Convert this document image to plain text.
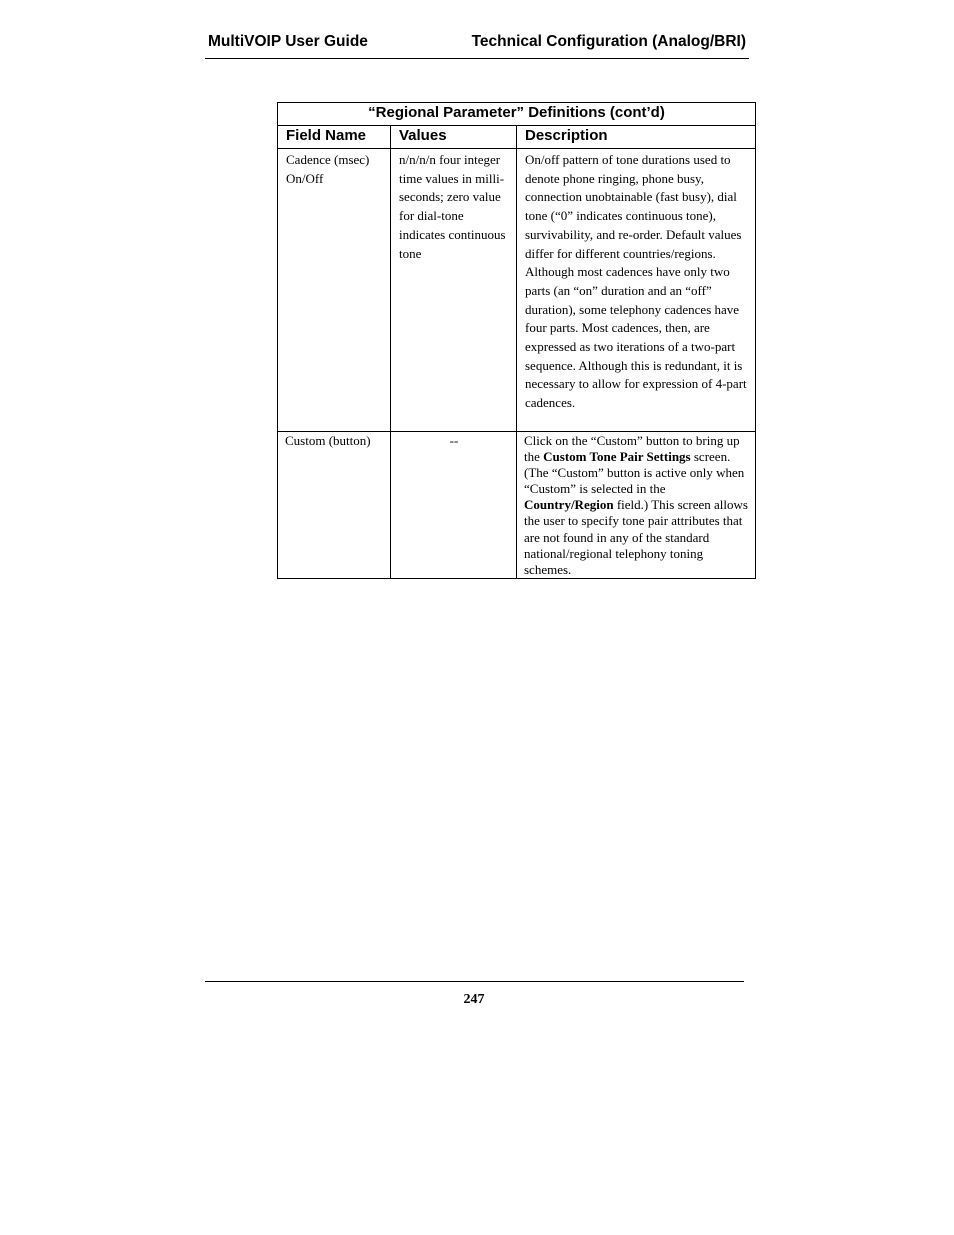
MultiVOIP User Guide	Technical Configuration (Analog/BRI)
“Regional Parameter” Definitions (cont’d)		
Field Name	Values	Description
Cadence (msec) On/Off	n/n/n/n four integer time values in milli-seconds; zero value for dial-tone indicates continuous tone	On/off pattern of tone durations used to denote phone ringing, phone busy, connection unobtainable (fast busy), dial tone (“0” indicates continuous tone), survivability, and re-order. Default values differ for different countries/regions. Although most cadences have only two parts (an “on” duration and an “off” duration), some telephony cadences have four parts. Most cadences, then, are expressed as two iterations of a two-part sequence. Although this is redundant, it is necessary to allow for expression of 4-part cadences.
Custom (button)	--	Click on the “Custom” button to bring up the Custom Tone Pair Settings screen. (The “Custom” button is active only when “Custom” is selected in the Country/Region field.) This screen allows the user to specify tone pair attributes that are not found in any of the standard national/regional telephony toning schemes.

247
